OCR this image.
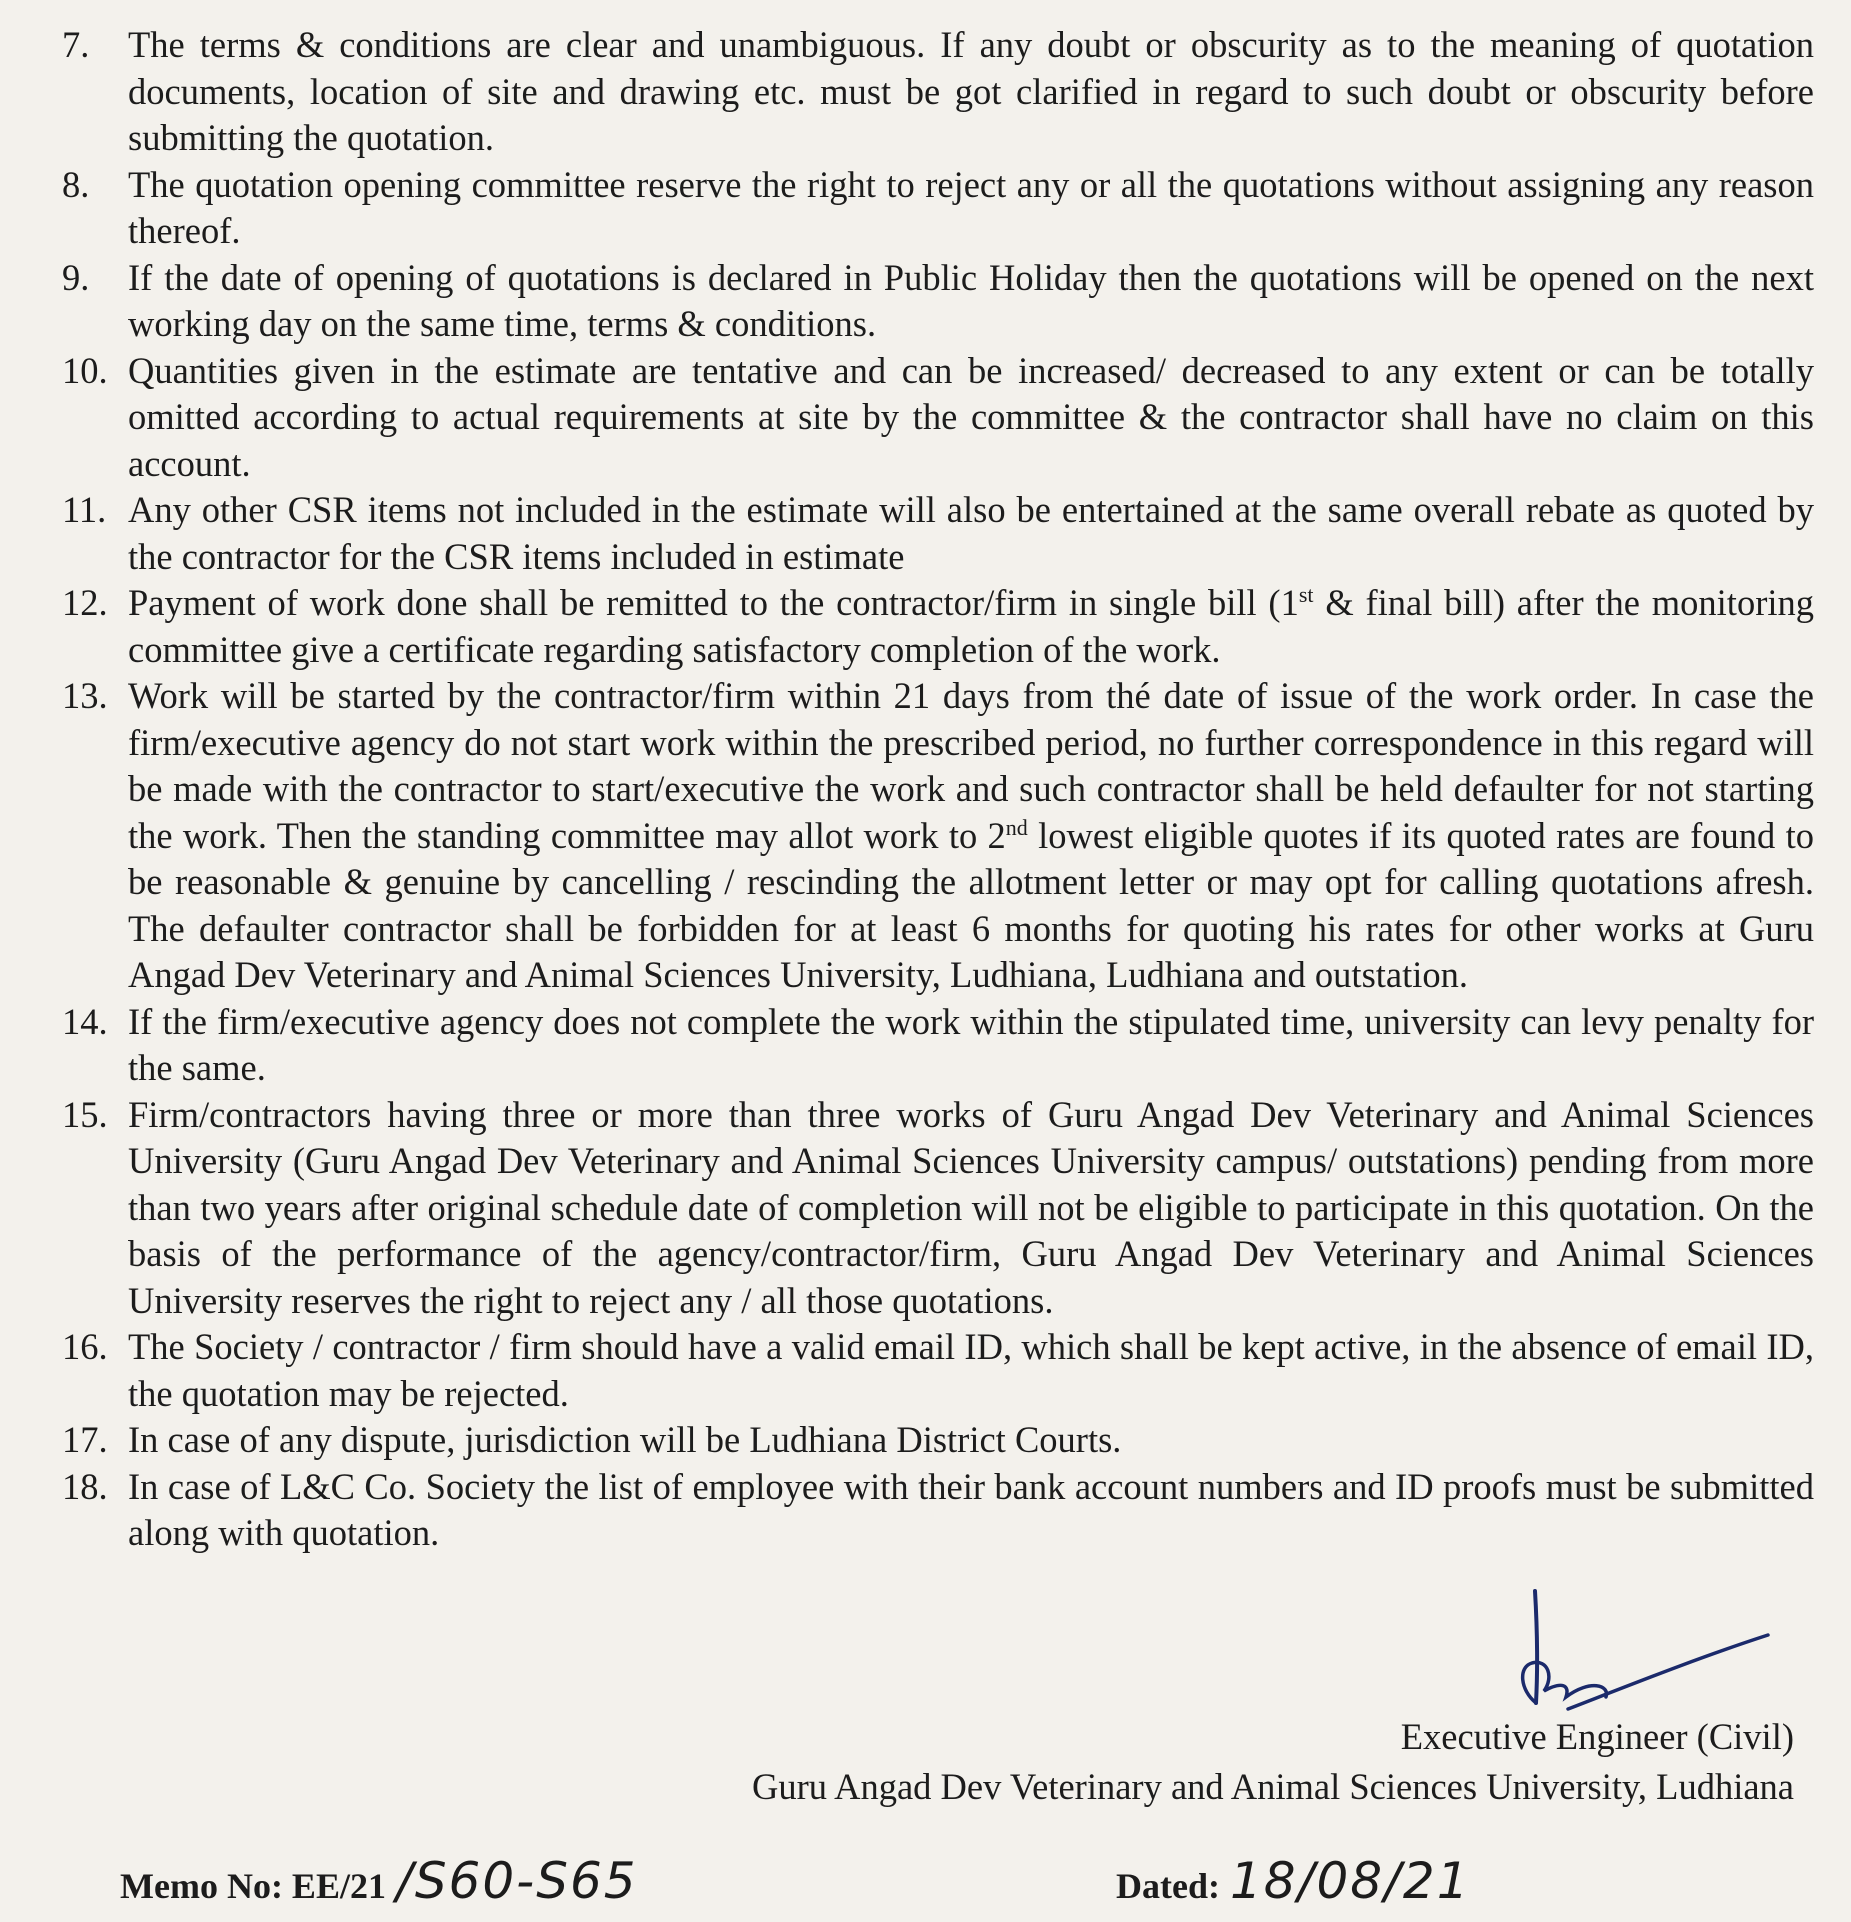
7.	The terms & conditions are clear and unambiguous. If any doubt or obscurity as to the meaning of quotation documents, location of site and drawing etc. must be got clarified in regard to such doubt or obscurity before submitting the quotation.
8.	The quotation opening committee reserve the right to reject any or all the quotations without assigning any reason thereof.
9.	If the date of opening of quotations is declared in Public Holiday then the quotations will be opened on the next working day on the same time, terms & conditions.
10. Quantities given in the estimate are tentative and can be increased/ decreased to any extent or can be totally omitted according to actual requirements at site by the committee & the contractor shall have no claim on this account.
11. Any other CSR items not included in the estimate will also be entertained at the same overall rebate as quoted by the contractor for the CSR items included in estimate
12. Payment of work done shall be remitted to the contractor/firm in single bill (1st & final bill) after the monitoring committee give a certificate regarding satisfactory completion of the work.
13. Work will be started by the contractor/firm within 21 days from thé date of issue of the work order. In case the firm/executive agency do not start work within the prescribed period, no further correspondence in this regard will be made with the contractor to start/executive the work and such contractor shall be held defaulter for not starting the work. Then the standing committee may allot work to 2nd lowest eligible quotes if its quoted rates are found to be reasonable & genuine by cancelling / rescinding the allotment letter or may opt for calling quotations afresh. The defaulter contractor shall be forbidden for at least 6 months for quoting his rates for other works at Guru Angad Dev Veterinary and Animal Sciences University, Ludhiana, Ludhiana and outstation.
14. If the firm/executive agency does not complete the work within the stipulated time, university can levy penalty for the same.
15. Firm/contractors having three or more than three works of Guru Angad Dev Veterinary and Animal Sciences University (Guru Angad Dev Veterinary and Animal Sciences University campus/ outstations) pending from more than two years after original schedule date of completion will not be eligible to participate in this quotation. On the basis of the performance of the agency/contractor/firm, Guru Angad Dev Veterinary and Animal Sciences University reserves the right to reject any / all those quotations.
16. The Society / contractor / firm should have a valid email ID, which shall be kept active, in the absence of email ID, the quotation may be rejected.
17. In case of any dispute, jurisdiction will be Ludhiana District Courts.
18. In case of L&C Co. Society the list of employee with their bank account numbers and ID proofs must be submitted along with quotation.
Executive Engineer (Civil)
Guru Angad Dev Veterinary and Animal Sciences University, Ludhiana
Memo No: EE/21 /S60-S65	Dated: 18/08/21
